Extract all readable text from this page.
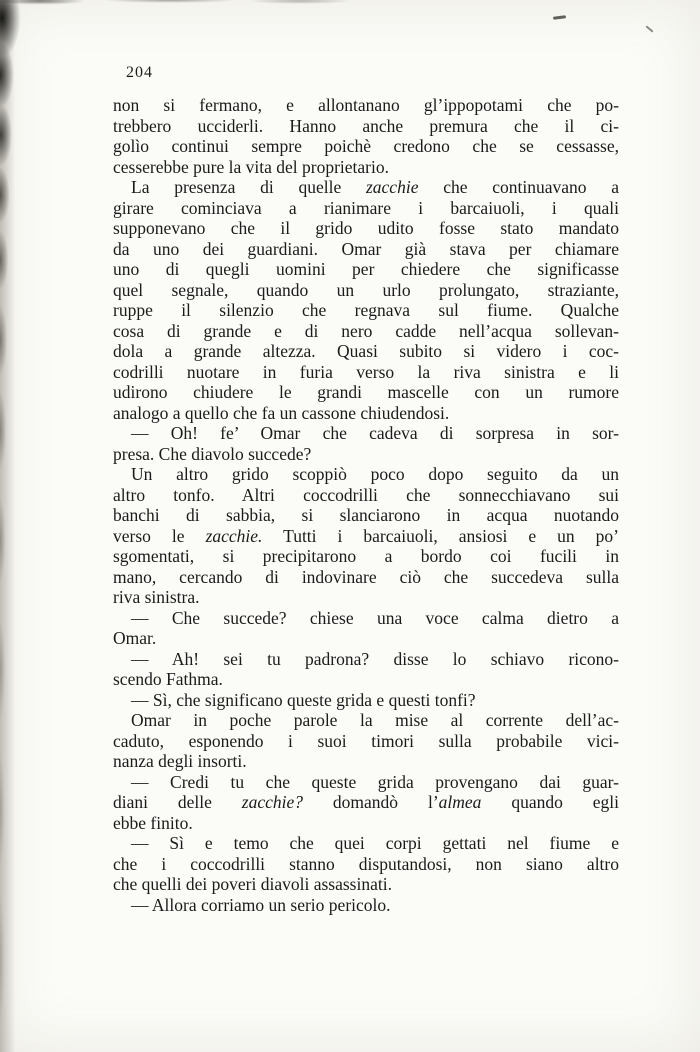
204
non si fermano, e allontanano gl’ippopotami che po-
trebbero ucciderli. Hanno anche premura che il ci-
golìo continui sempre poichè credono che se cessasse,
cesserebbe pure la vita del proprietario.
La presenza di quelle zacchie che continuavano a
girare cominciava a rianimare i barcaiuoli, i quali
supponevano che il grido udito fosse stato mandato
da uno dei guardiani. Omar già stava per chiamare
uno di quegli uomini per chiedere che significasse
quel segnale, quando un urlo prolungato, straziante,
ruppe il silenzio che regnava sul fiume. Qualche
cosa di grande e di nero cadde nell’acqua sollevan-
dola a grande altezza. Quasi subito si videro i coc-
codrilli nuotare in furia verso la riva sinistra e li
udirono chiudere le grandi mascelle con un rumore
analogo a quello che fa un cassone chiudendosi.
— Oh! fe’ Omar che cadeva di sorpresa in sor-
presa. Che diavolo succede?
Un altro grido scoppiò poco dopo seguito da un
altro tonfo. Altri coccodrilli che sonnecchiavano sui
banchi di sabbia, si slanciarono in acqua nuotando
verso le zacchie. Tutti i barcaiuoli, ansiosi e un po’
sgomentati, si precipitarono a bordo coi fucili in
mano, cercando di indovinare ciò che succedeva sulla
riva sinistra.
— Che succede? chiese una voce calma dietro a
Omar.
— Ah! sei tu padrona? disse lo schiavo ricono-
scendo Fathma.
— Sì, che significano queste grida e questi tonfi?
Omar in poche parole la mise al corrente dell’ac-
caduto, esponendo i suoi timori sulla probabile vici-
nanza degli insorti.
— Credi tu che queste grida provengano dai guar-
diani delle zacchie? domandò l’almea quando egli
ebbe finito.
— Sì e temo che quei corpi gettati nel fiume e
che i coccodrilli stanno disputandosi, non siano altro
che quelli dei poveri diavoli assassinati.
— Allora corriamo un serio pericolo.
